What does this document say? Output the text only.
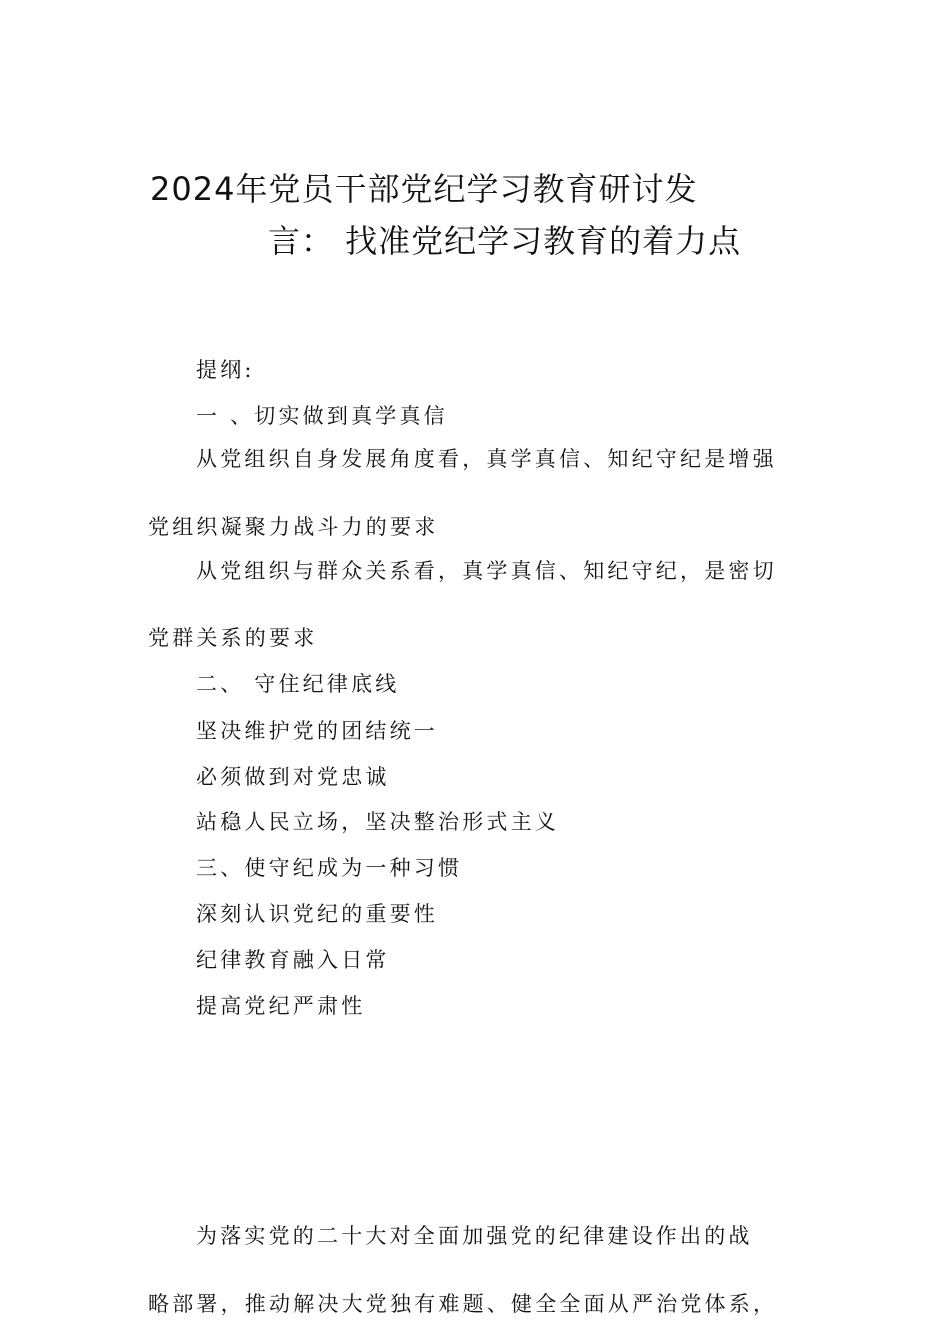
2024年党员干部党纪学习教育研讨发
言： 找准党纪学习教育的着力点
提纲:
一 、切实做到真学真信
从党组织自身发展角度看，真学真信、知纪守纪是增强
党组织凝聚力战斗力的要求
从党组织与群众关系看，真学真信、知纪守纪，是密切
党群关系的要求
二、 守住纪律底线
坚决维护党的团结统一
必须做到对党忠诚
站稳人民立场，坚决整治形式主义
三、使守纪成为一种习惯
深刻认识党纪的重要性
纪律教育融入日常
提高党纪严肃性
为落实党的二十大对全面加强党的纪律建设作出的战
略部署，推动解决大党独有难题、健全全面从严治党体系，
